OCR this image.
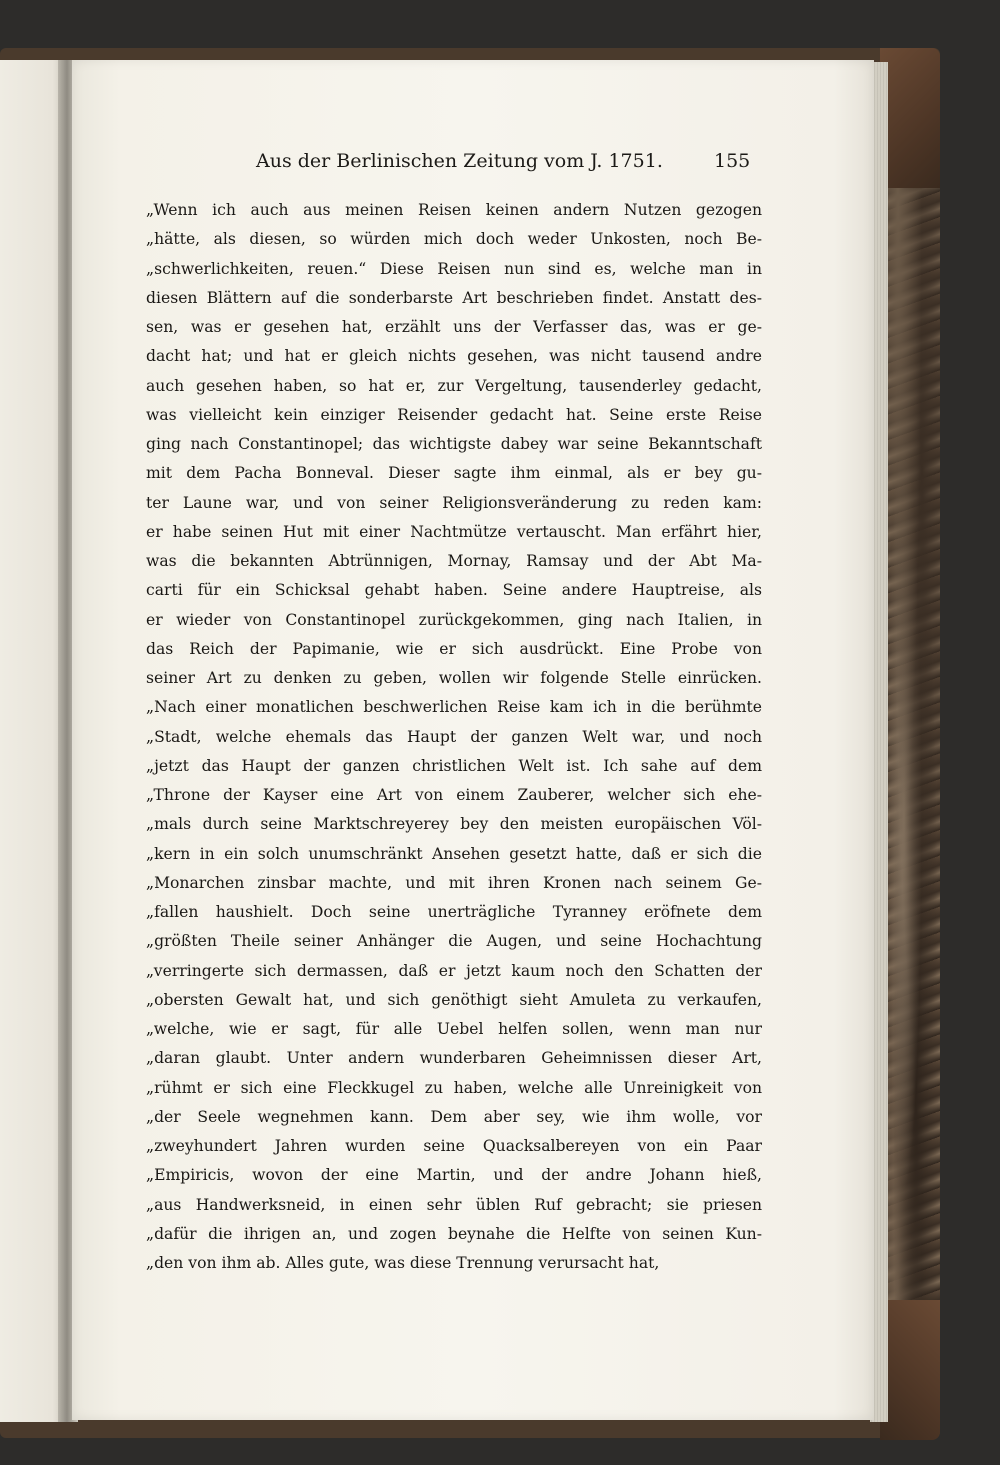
Aus der Berlinischen Zeitung vom J. 1751.	155
„Wenn ich auch aus meinen Reisen keinen andern Nutzen gezogen
„hätte, als diesen, so würden mich doch weder Unkosten, noch Be-
„schwerlichkeiten, reuen.“ Diese Reisen nun sind es, welche man in
diesen Blättern auf die sonderbarste Art beschrieben findet. Anstatt des-
sen, was er gesehen hat, erzählt uns der Verfasser das, was er ge-
dacht hat; und hat er gleich nichts gesehen, was nicht tausend andre
auch gesehen haben, so hat er, zur Vergeltung, tausenderley gedacht,
was vielleicht kein einziger Reisender gedacht hat. Seine erste Reise
ging nach Constantinopel; das wichtigste dabey war seine Bekanntschaft
mit dem Pacha Bonneval. Dieser sagte ihm einmal, als er bey gu-
ter Laune war, und von seiner Religionsveränderung zu reden kam:
er habe seinen Hut mit einer Nachtmütze vertauscht. Man erfährt hier,
was die bekannten Abtrünnigen, Mornay, Ramsay und der Abt Ma-
carti für ein Schicksal gehabt haben. Seine andere Hauptreise, als
er wieder von Constantinopel zurückgekommen, ging nach Italien, in
das Reich der Papimanie, wie er sich ausdrückt. Eine Probe von
seiner Art zu denken zu geben, wollen wir folgende Stelle einrücken.
„Nach einer monatlichen beschwerlichen Reise kam ich in die berühmte
„Stadt, welche ehemals das Haupt der ganzen Welt war, und noch
„jetzt das Haupt der ganzen christlichen Welt ist. Ich sahe auf dem
„Throne der Kayser eine Art von einem Zauberer, welcher sich ehe-
„mals durch seine Marktschreyerey bey den meisten europäischen Völ-
„kern in ein solch unumschränkt Ansehen gesetzt hatte, daß er sich die
„Monarchen zinsbar machte, und mit ihren Kronen nach seinem Ge-
„fallen haushielt. Doch seine unerträgliche Tyranney eröfnete dem
„größten Theile seiner Anhänger die Augen, und seine Hochachtung
„verringerte sich dermassen, daß er jetzt kaum noch den Schatten der
„obersten Gewalt hat, und sich genöthigt sieht Amuleta zu verkaufen,
„welche, wie er sagt, für alle Uebel helfen sollen, wenn man nur
„daran glaubt. Unter andern wunderbaren Geheimnissen dieser Art,
„rühmt er sich eine Fleckkugel zu haben, welche alle Unreinigkeit von
„der Seele wegnehmen kann. Dem aber sey, wie ihm wolle, vor
„zweyhundert Jahren wurden seine Quacksalbereyen von ein Paar
„Empiricis, wovon der eine Martin, und der andre Johann hieß,
„aus Handwerksneid, in einen sehr üblen Ruf gebracht; sie priesen
„dafür die ihrigen an, und zogen beynahe die Helfte von seinen Kun-
„den von ihm ab. Alles gute, was diese Trennung verursacht hat,
